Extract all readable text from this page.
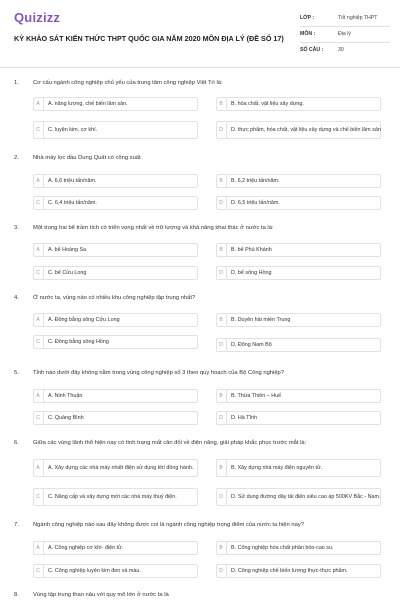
Quizizz
KỲ KHẢO SÁT KIẾN THỨC THPT QUỐC GIA NĂM 2020 MÔN ĐỊA LÝ (ĐỀ SỐ 17)
LỚP :	Tốt nghiệp THPT
MÔN :	Địa lý
SỐ CÂU :	30
1. Cơ cấu ngành công nghiệp chủ yếu của trung tâm công nghiệp Việt Trì là:
A	A. năng lượng, chế biến lâm sản.	B	B. hóa chất, vật liệu xây dựng.
C	C. luyện kim, cơ khí.	D	D. thực phẩm, hóa chất, vật liệu xây dựng và chế biến lâm sản
2. Nhà máy lọc dầu Dung Quất có công suất
A	A. 6,6 triệu tấn/năm.	B	B. 6,2 triệu tấn/năm.
C	C. 6,4 triệu tấn/năm.	D	D. 6,5 triệu tấn/năm.
3. Một trong hai bể trầm tích có triển vọng nhất về trữ lượng và khả năng khai thác ở nước ta là:
A	A. bể Hoàng Sa	B	B. bể Phú Khánh
C	C. bể Cửu Long	D	D. bể sông Hồng
4. Ở nước ta, vùng nào có nhiều khu công nghiệp tập trung nhất?
A	A. Đồng bằng sông Cửu Long	B	B. Duyên hải miền Trung
C	C. Đồng bằng sông Hồng
D	D. Đông Nam Bộ
5. Tỉnh nào dưới đây không nằm trong vùng công nghiệp số 3 theo quy hoạch của Bộ Công nghiệp?
A	A. Ninh Thuận	B	B. Thừa Thiên – Huế
C	C. Quảng Bình	D	D. Hà Tĩnh
6. Giữa các vùng lãnh thổ hiện nay có tình trạng mất cân đối về điện năng, giải pháp khắc phục trước mắt là:
A	A. Xây dựng các nhà máy nhiệt điện sử dụng khí đồng hành.	B	B. Xây dựng nhà máy điện nguyên tử.
C	C. Nâng cấp và xây dựng mới các nhà máy thuỷ điện.	D	D. Sử dụng đường dây tải điện siêu cao áp 500KV Bắc - Nam.
7. Ngành công nghiệp nào sau đây không được coi là ngành công nghiệp trọng điểm của nước ta hiện nay?
A	A. Công nghiệp cơ khí- điện tử.	B	B. Công nghiệp hóa chất phân bón-cao su.
C	C. Công nghiệp luyện kim đen và màu.	D	D. Công nghiệp chế biến lương thực-thực phẩm.
8. Vùng tập trung than nâu với quy mô lớn ở nước ta là
